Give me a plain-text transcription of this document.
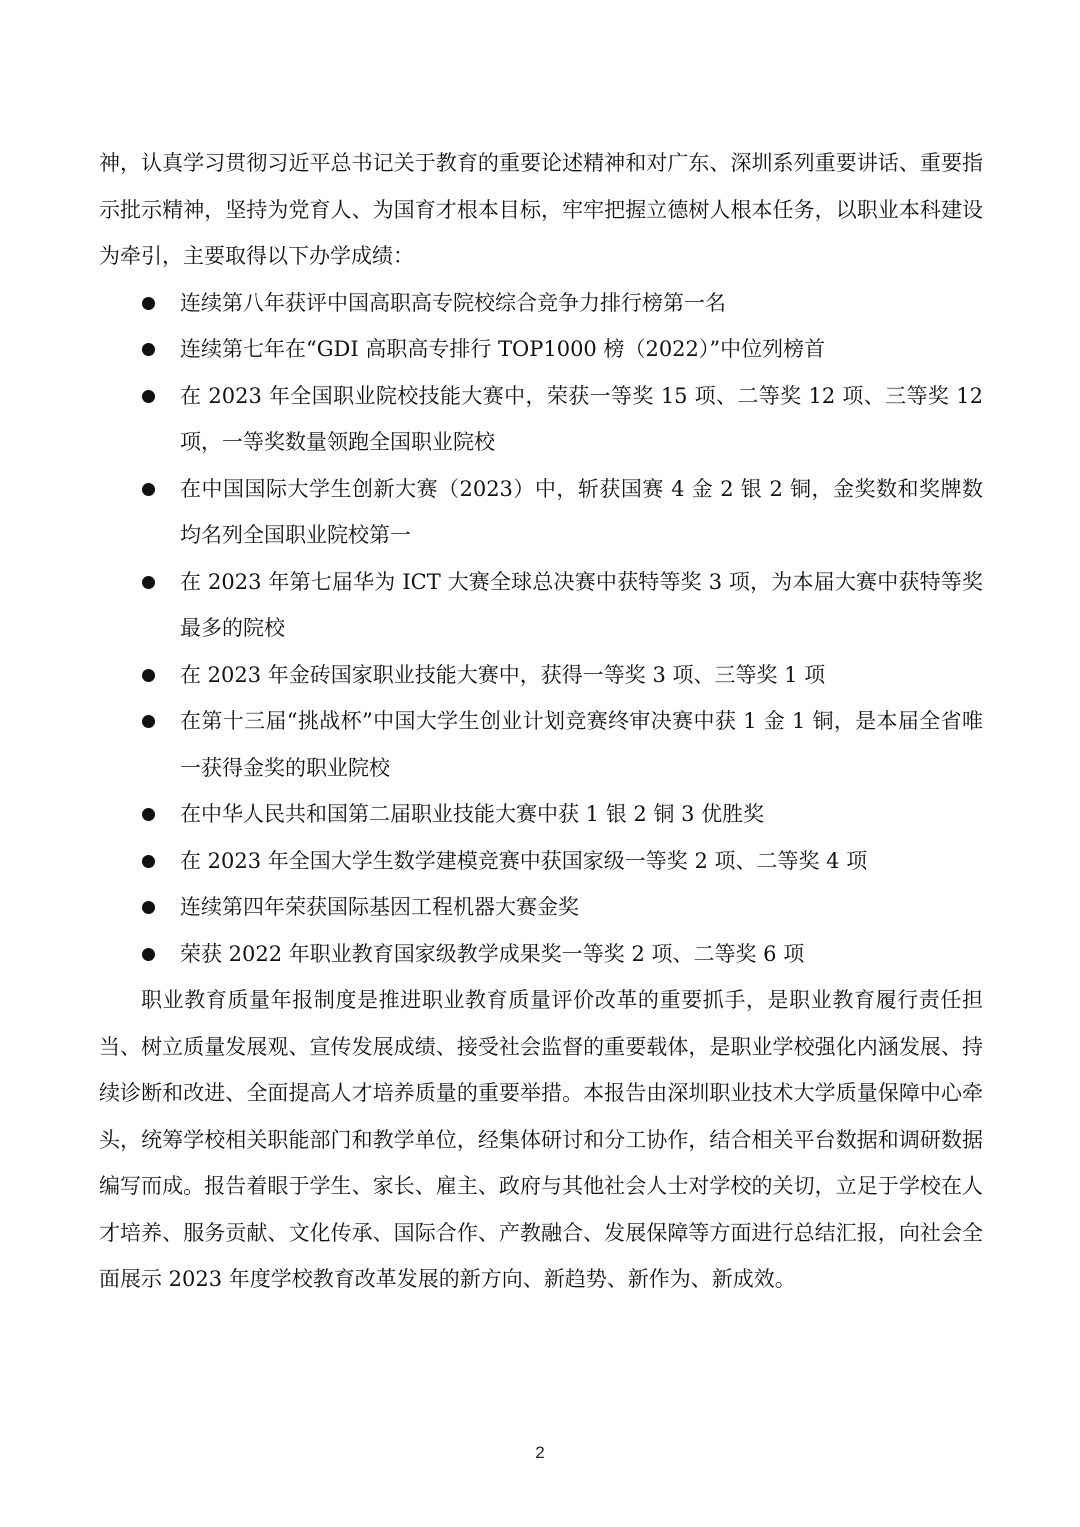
神，认真学习贯彻习近平总书记关于教育的重要论述精神和对广东、深圳系列重要讲话、重要指示批示精神，坚持为党育人、为国育才根本目标，牢牢把握立德树人根本任务，以职业本科建设为牵引，主要取得以下办学成绩：

连续第八年获评中国高职高专院校综合竞争力排行榜第一名
连续第七年在“GDI 高职高专排行 TOP1000 榜（2022）”中位列榜首
在 2023 年全国职业院校技能大赛中，荣获一等奖 15 项、二等奖 12 项、三等奖 12 项，一等奖数量领跑全国职业院校
在中国国际大学生创新大赛（2023）中，斩获国赛 4 金 2 银 2 铜，金奖数和奖牌数均名列全国职业院校第一
在 2023 年第七届华为 ICT 大赛全球总决赛中获特等奖 3 项，为本届大赛中获特等奖最多的院校
在 2023 年金砖国家职业技能大赛中，获得一等奖 3 项、三等奖 1 项
在第十三届“挑战杯”中国大学生创业计划竞赛终审决赛中获 1 金 1 铜，是本届全省唯一获得金奖的职业院校
在中华人民共和国第二届职业技能大赛中获 1 银 2 铜 3 优胜奖
在 2023 年全国大学生数学建模竞赛中获国家级一等奖 2 项、二等奖 4 项
连续第四年荣获国际基因工程机器大赛金奖
荣获 2022 年职业教育国家级教学成果奖一等奖 2 项、二等奖 6 项

职业教育质量年报制度是推进职业教育质量评价改革的重要抓手，是职业教育履行责任担当、树立质量发展观、宣传发展成绩、接受社会监督的重要载体，是职业学校强化内涵发展、持续诊断和改进、全面提高人才培养质量的重要举措。本报告由深圳职业技术大学质量保障中心牵头，统筹学校相关职能部门和教学单位，经集体研讨和分工协作，结合相关平台数据和调研数据编写而成。报告着眼于学生、家长、雇主、政府与其他社会人士对学校的关切，立足于学校在人才培养、服务贡献、文化传承、国际合作、产教融合、发展保障等方面进行总结汇报，向社会全面展示 2023 年度学校教育改革发展的新方向、新趋势、新作为、新成效。

2
